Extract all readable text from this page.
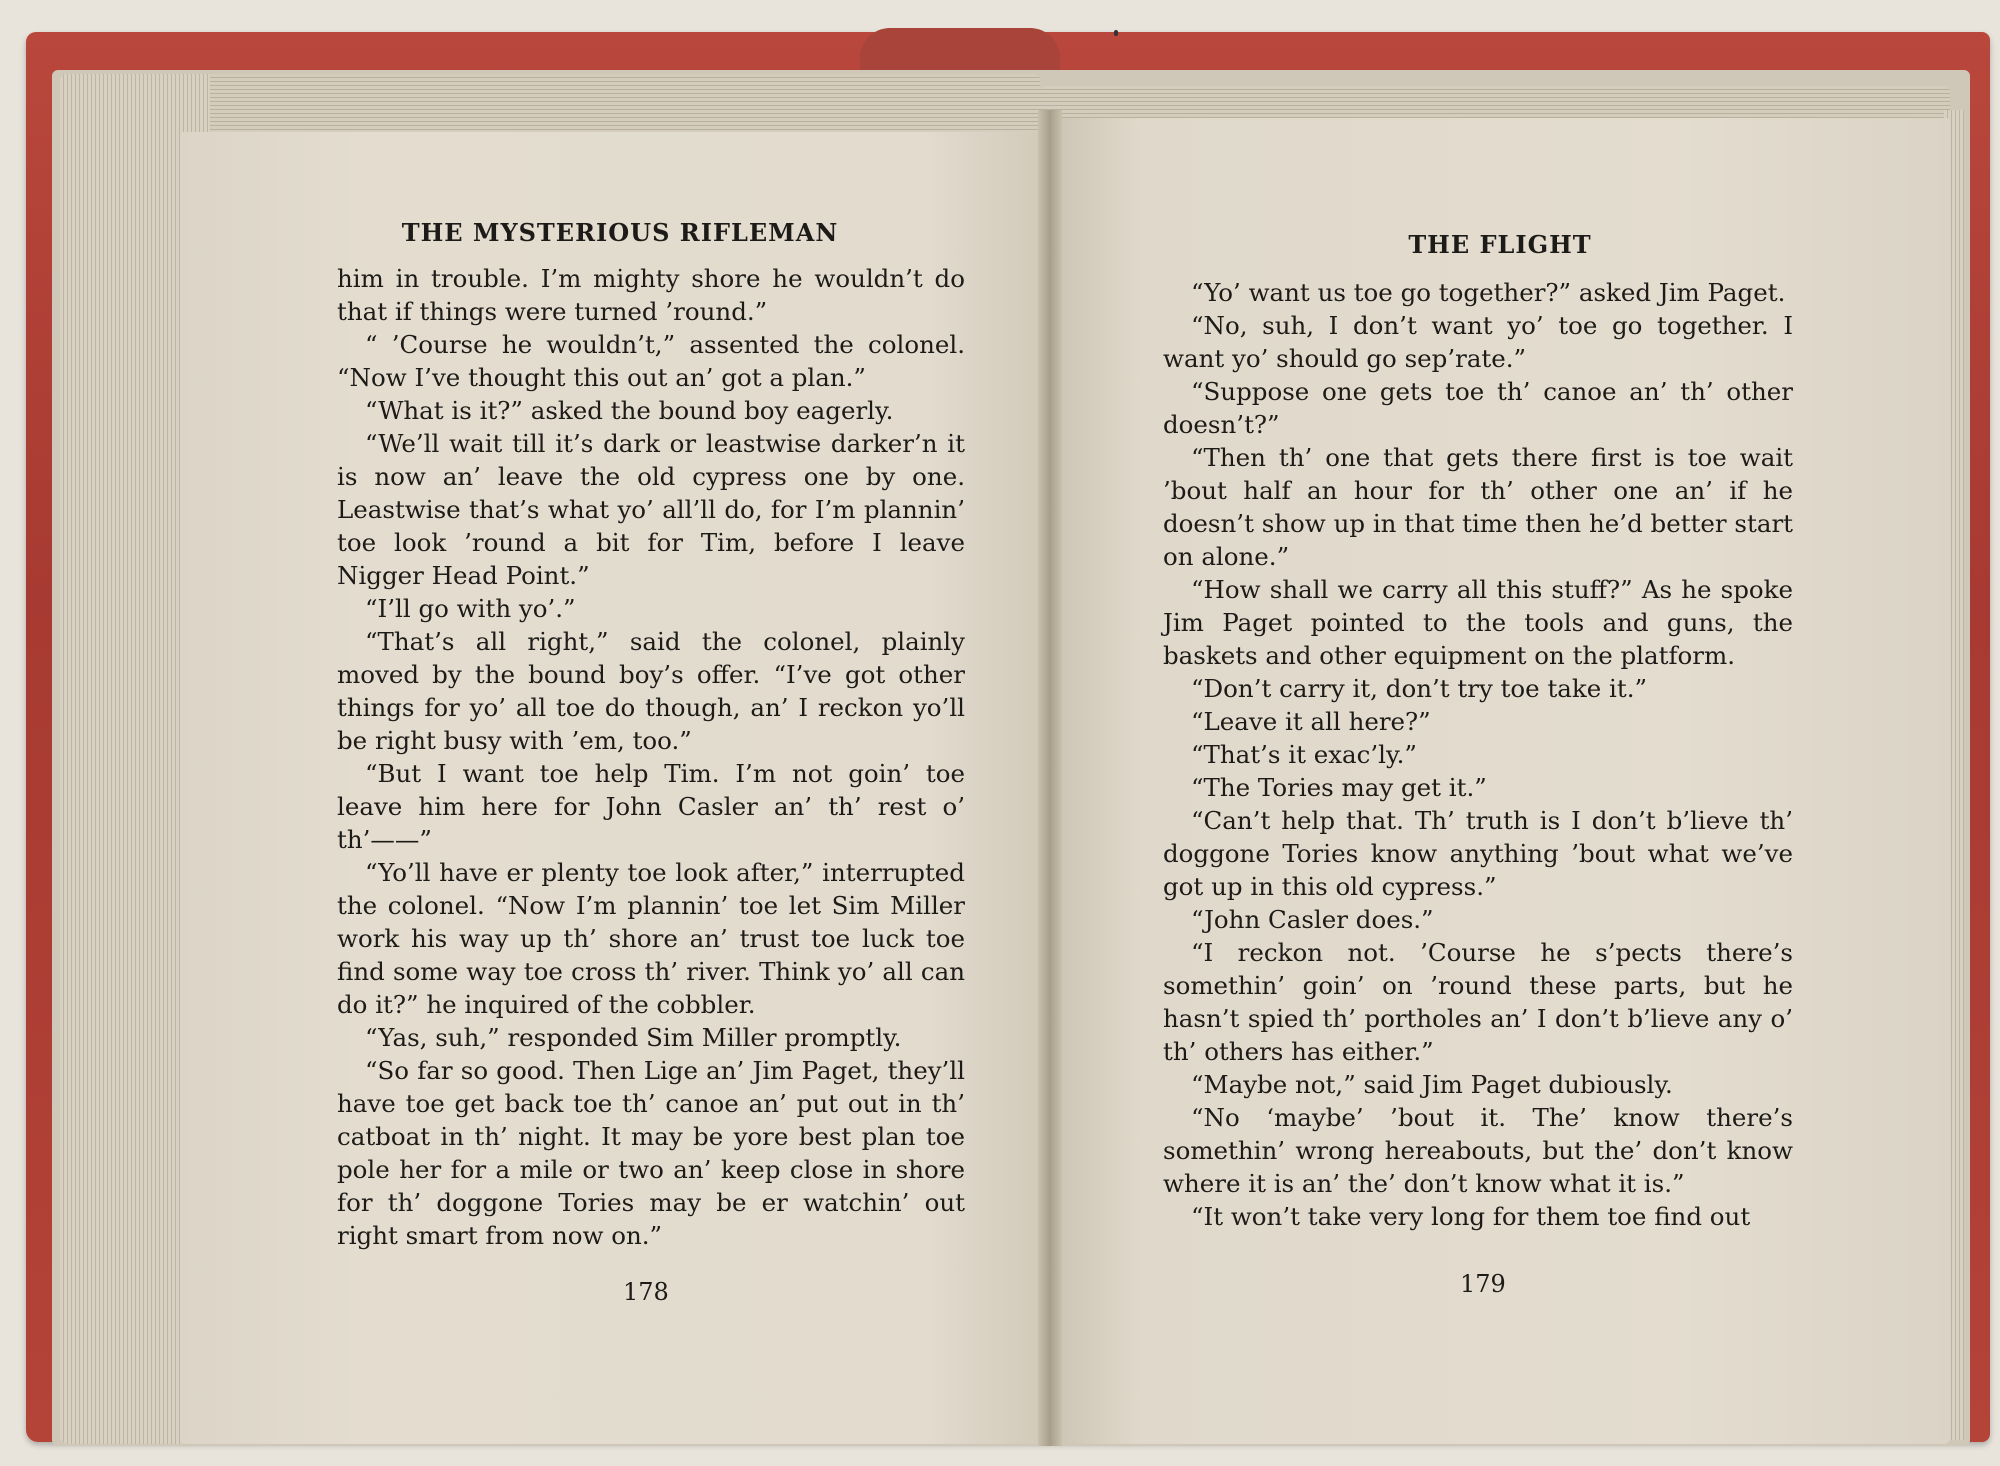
THE MYSTERIOUS RIFLEMAN

him in trouble. I’m mighty shore he wouldn’t do that if things were turned ’round.”

“ ’Course he wouldn’t,” assented the colonel. “Now I’ve thought this out an’ got a plan.”

“What is it?” asked the bound boy eagerly.

“We’ll wait till it’s dark or leastwise darker’n it is now an’ leave the old cypress one by one. Leastwise that’s what yo’ all’ll do, for I’m plannin’ toe look ’round a bit for Tim, before I leave Nigger Head Point.”

“I’ll go with yo’.”

“That’s all right,” said the colonel, plainly moved by the bound boy’s offer. “I’ve got other things for yo’ all toe do though, an’ I reckon yo’ll be right busy with ’em, too.”

“But I want toe help Tim. I’m not goin’ toe leave him here for John Casler an’ th’ rest o’ th’——”

“Yo’ll have er plenty toe look after,” interrupted the colonel. “Now I’m plannin’ toe let Sim Miller work his way up th’ shore an’ trust toe luck toe find some way toe cross th’ river. Think yo’ all can do it?” he inquired of the cobbler.

“Yas, suh,” responded Sim Miller promptly.

“So far so good. Then Lige an’ Jim Paget, they’ll have toe get back toe th’ canoe an’ put out in th’ catboat in th’ night. It may be yore best plan toe pole her for a mile or two an’ keep close in shore for th’ doggone Tories may be er watchin’ out right smart from now on.”

178
THE FLIGHT

“Yo’ want us toe go together?” asked Jim Paget.

“No, suh, I don’t want yo’ toe go together. I want yo’ should go sep’rate.”

“Suppose one gets toe th’ canoe an’ th’ other doesn’t?”

“Then th’ one that gets there first is toe wait ’bout half an hour for th’ other one an’ if he doesn’t show up in that time then he’d better start on alone.”

“How shall we carry all this stuff?” As he spoke Jim Paget pointed to the tools and guns, the baskets and other equipment on the platform.

“Don’t carry it, don’t try toe take it.”

“Leave it all here?”

“That’s it exac’ly.”

“The Tories may get it.”

“Can’t help that. Th’ truth is I don’t b’lieve th’ doggone Tories know anything ’bout what we’ve got up in this old cypress.”

“John Casler does.”

“I reckon not. ’Course he s’pects there’s somethin’ goin’ on ’round these parts, but he hasn’t spied th’ portholes an’ I don’t b’lieve any o’ th’ others has either.”

“Maybe not,” said Jim Paget dubiously.

“No ‘maybe’ ’bout it. The’ know there’s somethin’ wrong hereabouts, but the’ don’t know where it is an’ the’ don’t know what it is.”

“It won’t take very long for them toe find out

179
